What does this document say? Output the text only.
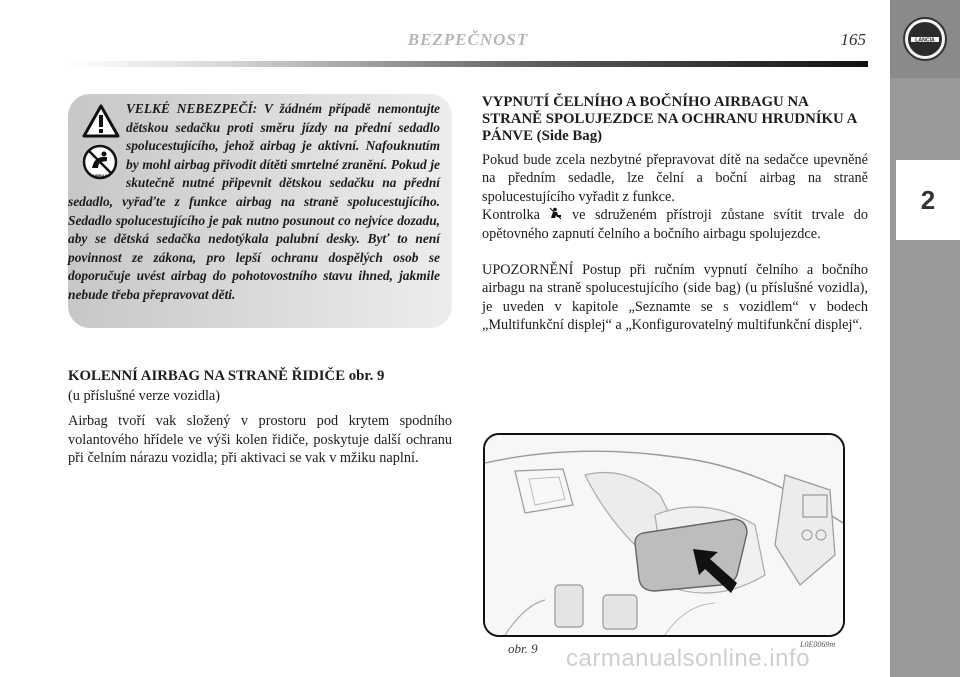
LANCIA
2
BEZPEČNOST	165
AIRBAG
VELKÉ NEBEZPEČÍ: V žádném případě nemontujte dětskou sedačku proti směru jízdy na přední sedadlo spolucestujícího, jehož airbag je aktivní. Nafouknutím by mohl airbag přivodit dítěti smrtelné zranění. Pokud je skutečně nutné připevnit dětskou sedačku na přední sedadlo, vyřaďte z funkce airbag na straně spolucestujícího. Sedadlo spolucestujícího je pak nutno posunout co nejvíce dozadu, aby se dětská sedačka nedotýkala palubní desky. Byť to není povinnost ze zákona, pro lepší ochranu dospělých osob se doporučuje uvést airbag do pohotovostního stavu ihned, jakmile nebude třeba přepravovat děti.

KOLENNÍ AIRBAG NA STRANĚ ŘIDIČE obr. 9

(u příslušné verze vozidla)

Airbag tvoří vak složený v prostoru pod krytem spodního volantového hřídele ve výši kolen řidiče, poskytuje další ochranu při čelním nárazu vozidla; při aktivaci se vak v mžiku naplní.

VYPNUTÍ ČELNÍHO A BOČNÍHO AIRBAGU NA STRANĚ SPOLUJEZDCE NA OCHRANU HRUDNÍKU A PÁNVE (Side Bag)

Pokud bude zcela nezbytné přepravovat dítě na sedačce upevněné na předním sedadle, lze čelní a boční airbag na straně spolucestujícího vyřadit z funkce.

Kontrolka  ve sdruženém přístroji zůstane svítit trvale do opětovného zapnutí čelního a bočního airbagu spolujezdce.

UPOZORNĚNÍ Postup při ručním vypnutí čelního a bočního airbagu na straně spolucestujícího (side bag) (u příslušné vozidla), je uveden v kapitole „Seznamte se s vozidlem“ v bodech „Multifunkční displej“ a „Konfigurovatelný multifunkční displej“.

obr. 9	L0E0069m
carmanualsonline.info
